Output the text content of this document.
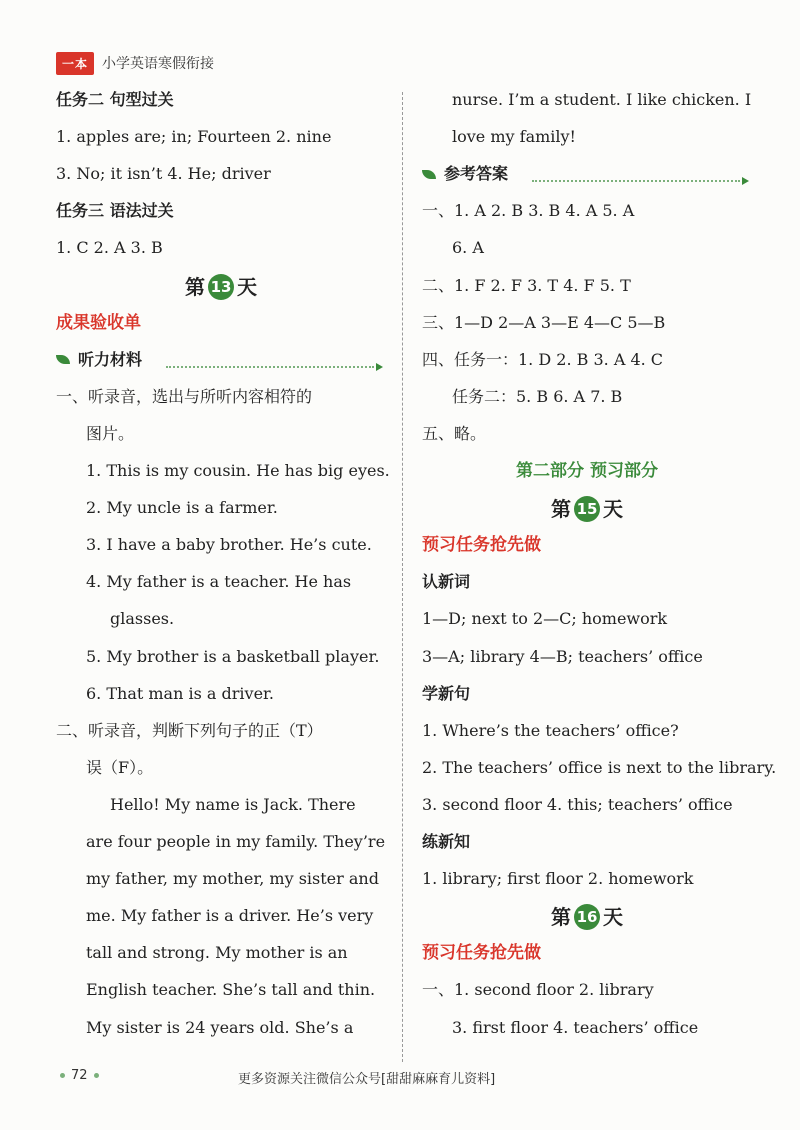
一本	小学英语寒假衔接
任务二 句型过关
1. apples are; in; Fourteen 2. nine
3. No; it isn’t 4. He; driver
任务三 语法过关
1. C 2. A 3. B
第 13 天
成果验收单
听力材料
一、听录音，选出与所听内容相符的
图片。
1. This is my cousin. He has big eyes.
2. My uncle is a farmer.
3. I have a baby brother. He’s cute.
4. My father is a teacher. He has
glasses.
5. My brother is a basketball player.
6. That man is a driver.
二、听录音，判断下列句子的正（T）
误（F）。
Hello! My name is Jack. There
are four people in my family. They’re
my father, my mother, my sister and
me. My father is a driver. He’s very
tall and strong. My mother is an
English teacher. She’s tall and thin.
My sister is 24 years old. She’s a
nurse. I’m a student. I like chicken. I
love my family!
参考答案
一、1. A 2. B 3. B 4. A 5. A
6. A
二、1. F 2. F 3. T 4. F 5. T
三、1—D 2—A 3—E 4—C 5—B
四、任务一：1. D 2. B 3. A 4. C
任务二：5. B 6. A 7. B
五、略。
第二部分 预习部分
第 15 天
预习任务抢先做
认新词
1—D; next to 2—C; homework
3—A; library 4—B; teachers’ office
学新句
1. Where’s the teachers’ office?
2. The teachers’ office is next to the library.
3. second floor 4. this; teachers’ office
练新知
1. library; first floor 2. homework
第 16 天
预习任务抢先做
一、1. second floor 2. library
3. first floor 4. teachers’ office
72	更多资源关注微信公众号[甜甜麻麻育儿资料]
